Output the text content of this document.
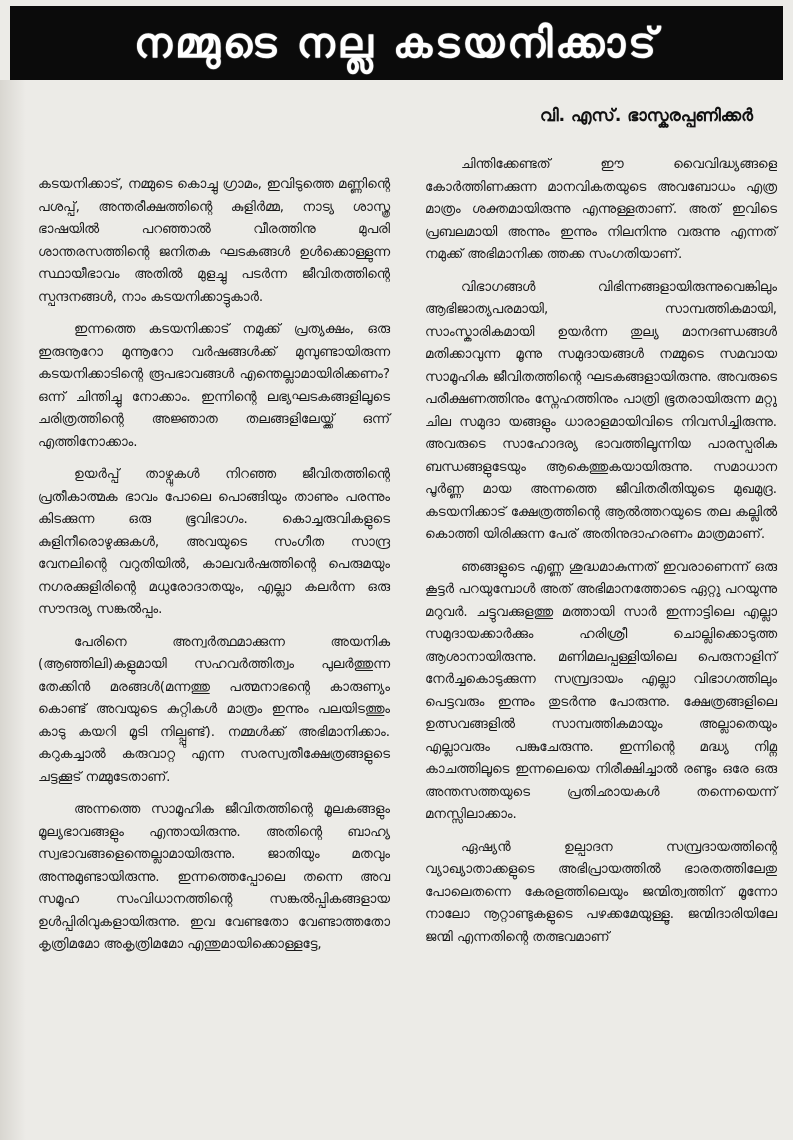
നമ്മുടെ നല്ല കടയനിക്കാട്
വി. എസ്. ഭാസ്കരപ്പണിക്കർ

കടയനിക്കാട്, നമ്മുടെ കൊച്ചു ഗ്രാമം, ഇവിടുത്തെ മണ്ണിന്റെ പശപ്പ്, അന്തരീക്ഷത്തിന്റെ കുളിർമ്മ, നാട്യ ശാസ്ത്ര ഭാഷയിൽ പറഞ്ഞാൽ വീരത്തിനു മുപരി ശാന്തരസത്തിന്റെ ജനിതക ഘടകങ്ങൾ ഉൾക്കൊള്ളുന്ന സ്ഥായീഭാവം അതിൽ മുളച്ചു പടർന്ന ജീവിതത്തിന്റെ സ്പന്ദനങ്ങൾ, നാം കടയനിക്കാട്ടുകാർ.

ഇന്നത്തെ കടയനിക്കാട് നമുക്ക് പ്രത്യക്ഷം, ഒരു ഇരുനൂറോ മുന്നൂറോ വർഷങ്ങൾക്ക് മുമ്പുണ്ടായിരുന്ന കടയനിക്കാടിന്റെ രൂപഭാവങ്ങൾ എന്തെല്ലാമായിരിക്കണം? ഒന്ന് ചിന്തിച്ചു നോക്കാം. ഇന്നിന്റെ ലഭ്യഘടകങ്ങളിലൂടെ ചരിത്രത്തിന്റെ അജ്ഞാത തലങ്ങളിലേയ്ക്ക് ഒന്ന് എത്തിനോക്കാം.

ഉയർപ്പ് താഴ്വുകൾ നിറഞ്ഞ ജീവിതത്തിന്റെ പ്രതീകാത്മക ഭാവം പോലെ പൊങ്ങിയും താണും പരന്നും കിടക്കുന്ന ഒരു ഭൂവിഭാഗം. കൊച്ചരുവികളുടെ കുളിനീരൊഴുക്കുകൾ, അവയുടെ സംഗീത സാന്ദ്ര വേനലിന്റെ വറുതിയിൽ, കാലവർഷത്തിന്റെ പെരുമയും നഗരക്കുളിരിന്റെ മധുരോദാതയും, എല്ലാ കലർന്ന ഒരു സൗന്ദര്യ സങ്കൽപ്പം.

പേരിനെ അന്വർത്ഥമാക്കുന്ന അയനിക (ആഞ്ഞിലി)കളുമായി സഹവർത്തിത്വം പുലർത്തുന്ന തേക്കിൻ മരങ്ങൾ(മന്നത്തു പത്മനാഭന്റെ കാരുണ്യം കൊണ്ട് അവയുടെ കുറ്റികൾ മാത്രം ഇന്നും പലയിടത്തും കാടു കയറി മൂടി നില്പ്പുണ്ട്). നമ്മൾക്ക് അഭിമാനിക്കാം. കറുകച്ചാൽ കരുവാറ്റ എന്ന സരസ്വതീക്ഷേത്രങ്ങളുടെ ചട്ടക്കൂട് നമ്മുടേതാണ്.

അന്നത്തെ സാമൂഹിക ജീവിതത്തിന്റെ മൂലകങ്ങളും മൂല്യഭാവങ്ങളും എന്തായിരുന്നു. അതിന്റെ ബാഹ്യ സ്വഭാവങ്ങളെന്തെല്ലാമായിരുന്നു. ജാതിയും മതവും അന്നുമുണ്ടായിരുന്നു. ഇന്നത്തെപ്പോലെ തന്നെ അവ സമൂഹ സംവിധാനത്തിന്റെ സങ്കൽപ്പികങ്ങളായ ഉൾപ്പിരിവുകളായിരുന്നു. ഇവ വേണ്ടതോ വേണ്ടാത്തതോ കൃത്രിമമോ അകൃത്രിമമോ എന്തുമായിക്കൊള്ളട്ടേ,

ചിന്തിക്കേണ്ടത് ഈ വൈവിദ്ധ്യങ്ങളെ കോർത്തിണക്കുന്ന മാനവികതയുടെ അവബോധം എത്ര മാത്രം ശക്തമായിരുന്നു എന്നുള്ളതാണ്. അത് ഇവിടെ പ്രബലമായി അന്നും ഇന്നും നിലനിന്നു വരുന്നു എന്നത് നമുക്ക് അഭിമാനിക്ക ത്തക്ക സംഗതിയാണ്.

വിഭാഗങ്ങൾ വിഭിന്നങ്ങളായിരുന്നുവെങ്കിലും ആഭിജാത്യപരമായി, സാമ്പത്തികമായി, സാംസ്കാരികമായി ഉയർന്ന തുല്യ മാനദണ്ഡങ്ങൾ മതിക്കാവുന്ന മൂന്നു സമുദായങ്ങൾ നമ്മുടെ സമവായ സാമൂഹിക ജീവിതത്തിന്റെ ഘടകങ്ങളായിരുന്നു. അവരുടെ പരീക്ഷണത്തിനും സ്നേഹത്തിനും പാത്രി ഭൂതരായിരുന്ന മറ്റു ചില സമുദാ യങ്ങളും ധാരാളമായിവിടെ നിവസിച്ചിരുന്നു. അവരുടെ സാഹോദര്യ ഭാവത്തിലൂന്നിയ പാരസ്പരിക ബന്ധങ്ങളുടേയും ആകെത്തുകയായിരുന്നു. സമാധാന പൂർണ്ണ മായ അന്നത്തെ ജീവിതരീതിയുടെ മുഖമുദ്ര. കടയനിക്കാട് ക്ഷേത്രത്തിന്റെ ആൽത്തറയുടെ തല കല്ലിൽ കൊത്തി യിരിക്കുന്ന പേര് അതിനുദാഹരണം മാത്രമാണ്.

ഞങ്ങളുടെ എണ്ണ ശുദ്ധമാകുന്നത് ഇവരാണെന്ന് ഒരു കൂട്ടർ പറയുമ്പോൾ അത് അഭിമാനത്തോടെ ഏറ്റു പറയുന്നു മറുവർ. ചട്ടുവക്കുളത്തു മത്തായി സാർ ഇന്നാട്ടിലെ എല്ലാ സമുദായക്കാർക്കും ഹരിശ്രീ ചൊല്ലിക്കൊടുത്ത ആശാനായിരുന്നു. മണിമലപ്പള്ളിയിലെ പെരുനാളിന് നേർച്ചകൊടുക്കുന്ന സമ്പ്രദായം എല്ലാ വിഭാഗത്തിലും പെട്ടവരും ഇന്നും തുടർന്നു പോരുന്നു. ക്ഷേത്രങ്ങളിലെ ഉത്സവങ്ങളിൽ സാമ്പത്തികമായും അല്ലാതെയും എല്ലാവരും പങ്കുചേരുന്നു. ഇന്നിന്റെ മദ്ധ്യ നിമ്ന കാചത്തിലൂടെ ഇന്നലെയെ നിരീക്ഷിച്ചാൽ രണ്ടും ഒരേ ഒരു അന്തസത്തയുടെ പ്രതിഛായകൾ തന്നെയെന്ന് മനസ്സിലാക്കാം.

ഏഷ്യൻ ഉല്പാദന സമ്പ്രദായത്തിന്റെ വ്യാഖ്യാതാക്കളുടെ അഭിപ്രായത്തിൽ ഭാരതത്തിലേതു പോലെതന്നെ കേരളത്തിലെയും ജന്മിത്വത്തിന് മൂന്നോ നാലോ നൂറ്റാണ്ടുകളുടെ പഴക്കമേയുള്ളൂ. ജന്മിദാരിയിലേ ജന്മി എന്നതിന്റെ തത്ഭവമാണ്
